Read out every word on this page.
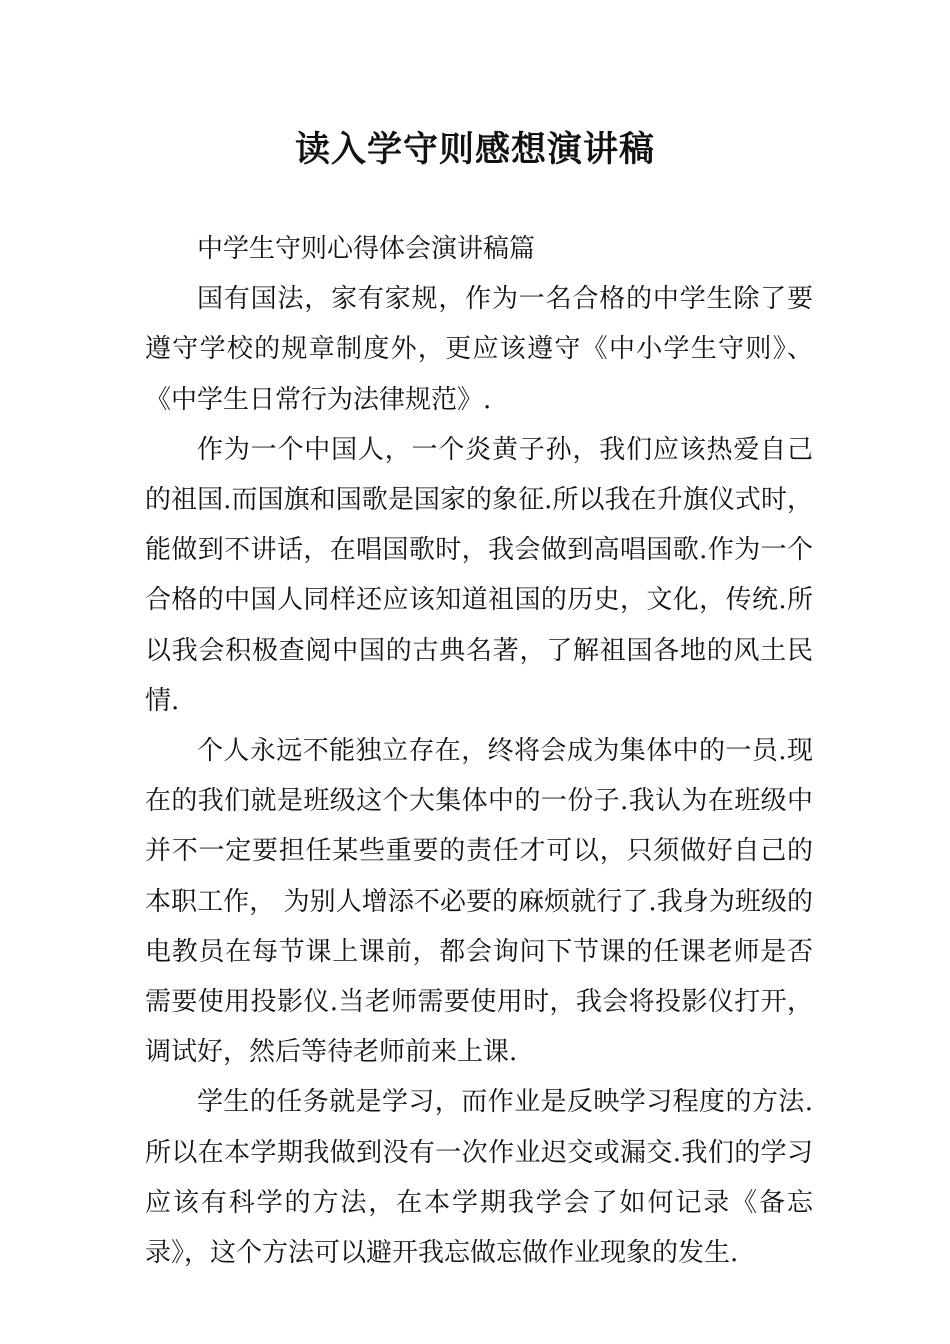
读入学守则感想演讲稿

中学生守则心得体会演讲稿篇

国有国法，家有家规，作为一名合格的中学生除了要遵守学校的规章制度外，更应该遵守《中小学生守则》、《中学生日常行为法律规范》.

作为一个中国人，一个炎黄子孙，我们应该热爱自己的祖国.而国旗和国歌是国家的象征.所以我在升旗仪式时，能做到不讲话，在唱国歌时，我会做到高唱国歌.作为一个合格的中国人同样还应该知道祖国的历史，文化，传统.所以我会积极查阅中国的古典名著，了解祖国各地的风土民情.

个人永远不能独立存在，终将会成为集体中的一员.现在的我们就是班级这个大集体中的一份子.我认为在班级中并不一定要担任某些重要的责任才可以，只须做好自己的本职工作， 为别人增添不必要的麻烦就行了.我身为班级的电教员在每节课上课前，都会询问下节课的任课老师是否需要使用投影仪.当老师需要使用时，我会将投影仪打开，调试好，然后等待老师前来上课.

学生的任务就是学习，而作业是反映学习程度的方法.所以在本学期我做到没有一次作业迟交或漏交.我们的学习应该有科学的方法，在本学期我学会了如何记录《备忘录》，这个方法可以避开我忘做忘做作业现象的发生.
